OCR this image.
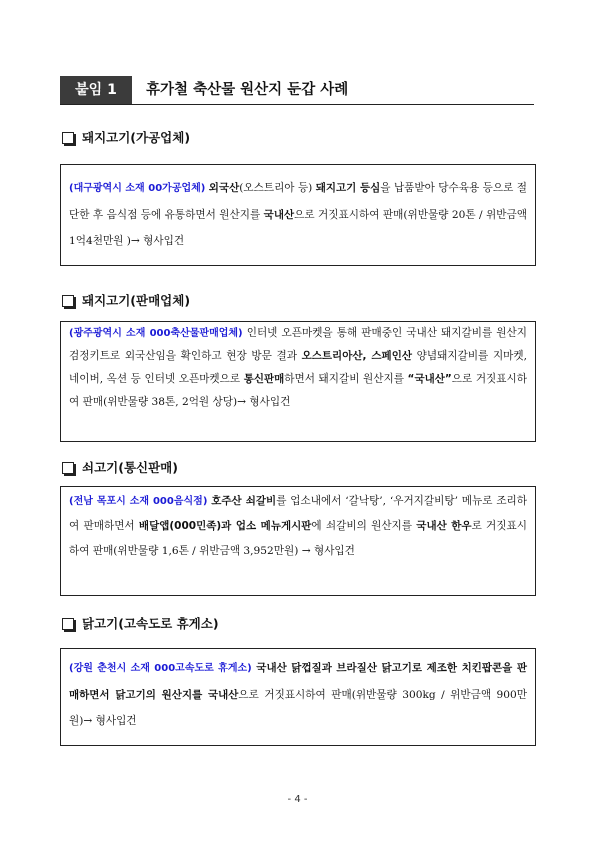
붙임 1	휴가철 축산물 원산지 둔갑 사례
돼지고기(가공업체)
(대구광역시 소재 00가공업체) 외국산(오스트리아 등) 돼지고기 등심을 납품받아 당수육용 등으로 절단한 후 음식점 등에 유통하면서 원산지를 국내산으로 거짓표시하여 판매(위반물량 20톤 / 위반금액 1억4천만원 )→ 형사입건
돼지고기(판매업체)
(광주광역시 소재 000축산물판매업체) 인터넷 오픈마켓을 통해 판매중인 국내산 돼지갈비를 원산지 검정키트로 외국산임을 확인하고 현장 방문 결과 오스트리아산, 스페인산 양념돼지갈비를 지마켓, 네이버, 옥션 등 인터넷 오픈마켓으로 통신판매하면서 돼지갈비 원산지를 “국내산”으로 거짓표시하여 판매(위반물량 38톤, 2억원 상당)→ 형사입건
쇠고기(통신판매)
(전남 목포시 소재 000음식점) 호주산 쇠갈비를 업소내에서 ‘갈낙탕’, ‘우거지갈비탕’ 메뉴로 조리하여 판매하면서 배달앱(000민족)과 업소 메뉴게시판에 쇠갈비의 원산지를 국내산 한우로 거짓표시하여 판매(위반물량 1,6톤 / 위반금액 3,952만원) → 형사입건
닭고기(고속도로 휴게소)
(강원 춘천시 소재 000고속도로 휴게소) 국내산 닭껍질과 브라질산 닭고기로 제조한 치킨팝콘을 판매하면서 닭고기의 원산지를 국내산으로 거짓표시하여 판매(위반물량 300kg / 위반금액 900만원)→ 형사입건
- 4 -
